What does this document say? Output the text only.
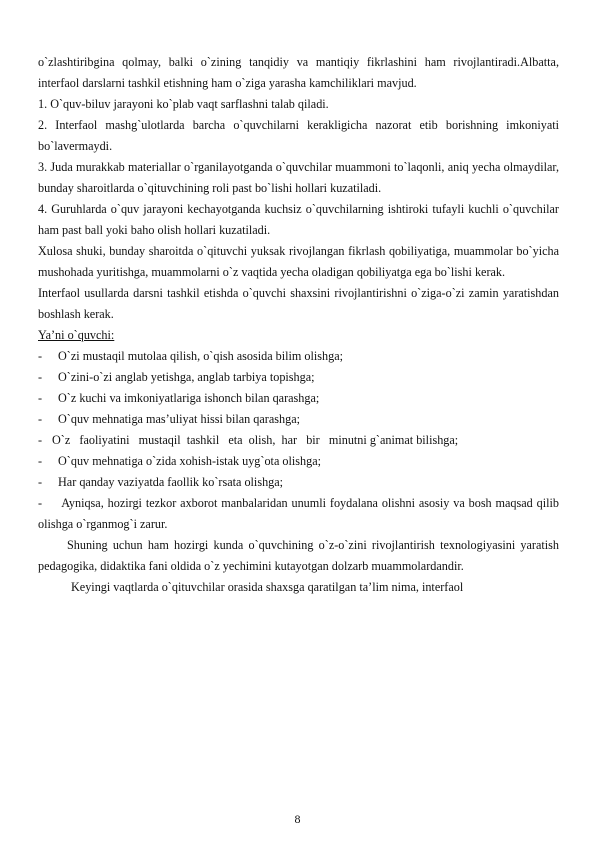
o`zlashtiribgina qolmay, balki o`zining tanqidiy va mantiqiy fikrlashini ham rivojlantiradi.Albatta, interfaol darslarni tashkil etishning ham o`ziga yarasha kamchiliklari mavjud.

1. O`quv-biluv jarayoni ko`plab vaqt sarflashni talab qiladi.

2. Interfaol mashg`ulotlarda barcha o`quvchilarni kerakligicha nazorat etib borishning imkoniyati bo`lavermaydi.

3. Juda murakkab materiallar o`rganilayotganda o`quvchilar muammoni to`laqonli, aniq yecha olmaydilar, bunday sharoitlarda o`qituvchining roli past bo`lishi hollari kuzatiladi.

4. Guruhlarda o`quv jarayoni kechayotganda kuchsiz o`quvchilarning ishtiroki tufayli kuchli o`quvchilar ham past ball yoki baho olish hollari kuzatiladi.

Xulosa shuki, bunday sharoitda o`qituvchi yuksak rivojlangan fikrlash qobiliyatiga, muammolar bo`yicha mushohada yuritishga, muammolarni o`z vaqtida yecha oladigan qobiliyatga ega bo`lishi kerak.

Interfaol usullarda darsni tashkil etishda o`quvchi shaxsini rivojlantirishni o`ziga-o`zi zamin yaratishdan boshlash kerak.

Ya’ni o`quvchi:

- O`zi mustaqil mutolaa qilish, o`qish asosida bilim olishga;

- O`zini-o`zi anglab yetishga, anglab tarbiya topishga;

- O`z kuchi va imkoniyatlariga ishonch bilan qarashga;

- O`quv mehnatiga mas’uliyat hissi bilan qarashga;

- O`z   faoliyatini   mustaqil  tashkil   eta  olish,  har   bir   minutni g`animat bilishga;

- O`quv mehnatiga o`zida xohish-istak uyg`ota olishga;

- Har qanday vaziyatda faollik ko`rsata olishga;

- Ayniqsa, hozirgi tezkor axborot manbalaridan unumli foydalana olishni asosiy va bosh maqsad qilib olishga o`rganmog`i zarur.

Shuning uchun ham hozirgi kunda o`quvchining o`z-o`zini rivojlantirish texnologiyasini yaratish pedagogika, didaktika fani oldida o`z yechimini kutayotgan dolzarb muammolardandir.

Keyingi vaqtlarda o`qituvchilar orasida shaxsga qaratilgan ta’lim nima, interfaol

8
